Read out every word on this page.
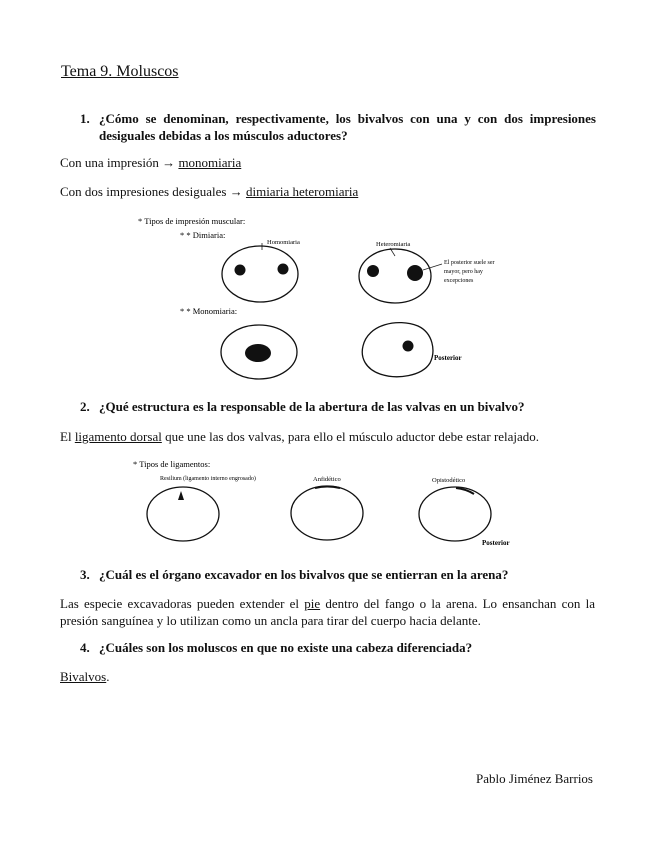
Tema 9. Moluscos
1. ¿Cómo se denominan, respectivamente, los bivalvos con una y con dos impresiones desiguales debidas a los músculos aductores?
Con una impresión → monomiaria
Con dos impresiones desiguales → dimiaria heteromiaria
* Tipos de impresión muscular:
* * Dimiaria:
Homomiaria	Heteromiaria
El posterior suele ser
mayor, pero hay
excepciones
* * Monomiaria:
Posterior
2. ¿Qué estructura es la responsable de la abertura de las valvas en un bivalvo?
El ligamento dorsal que une las dos valvas, para ello el músculo aductor debe estar relajado.
* Tipos de ligamentos:
Resilium (ligamento interno engrosado)	Anfidético	Opistodético
Posterior
3. ¿Cuál es el órgano excavador en los bivalvos que se entierran en la arena?
Las especie excavadoras pueden extender el pie dentro del fango o la arena. Lo ensanchan con la presión sanguínea y lo utilizan como un ancla para tirar del cuerpo hacia delante.
4. ¿Cuáles son los moluscos en que no existe una cabeza diferenciada?
Bivalvos.
Pablo Jiménez Barrios
